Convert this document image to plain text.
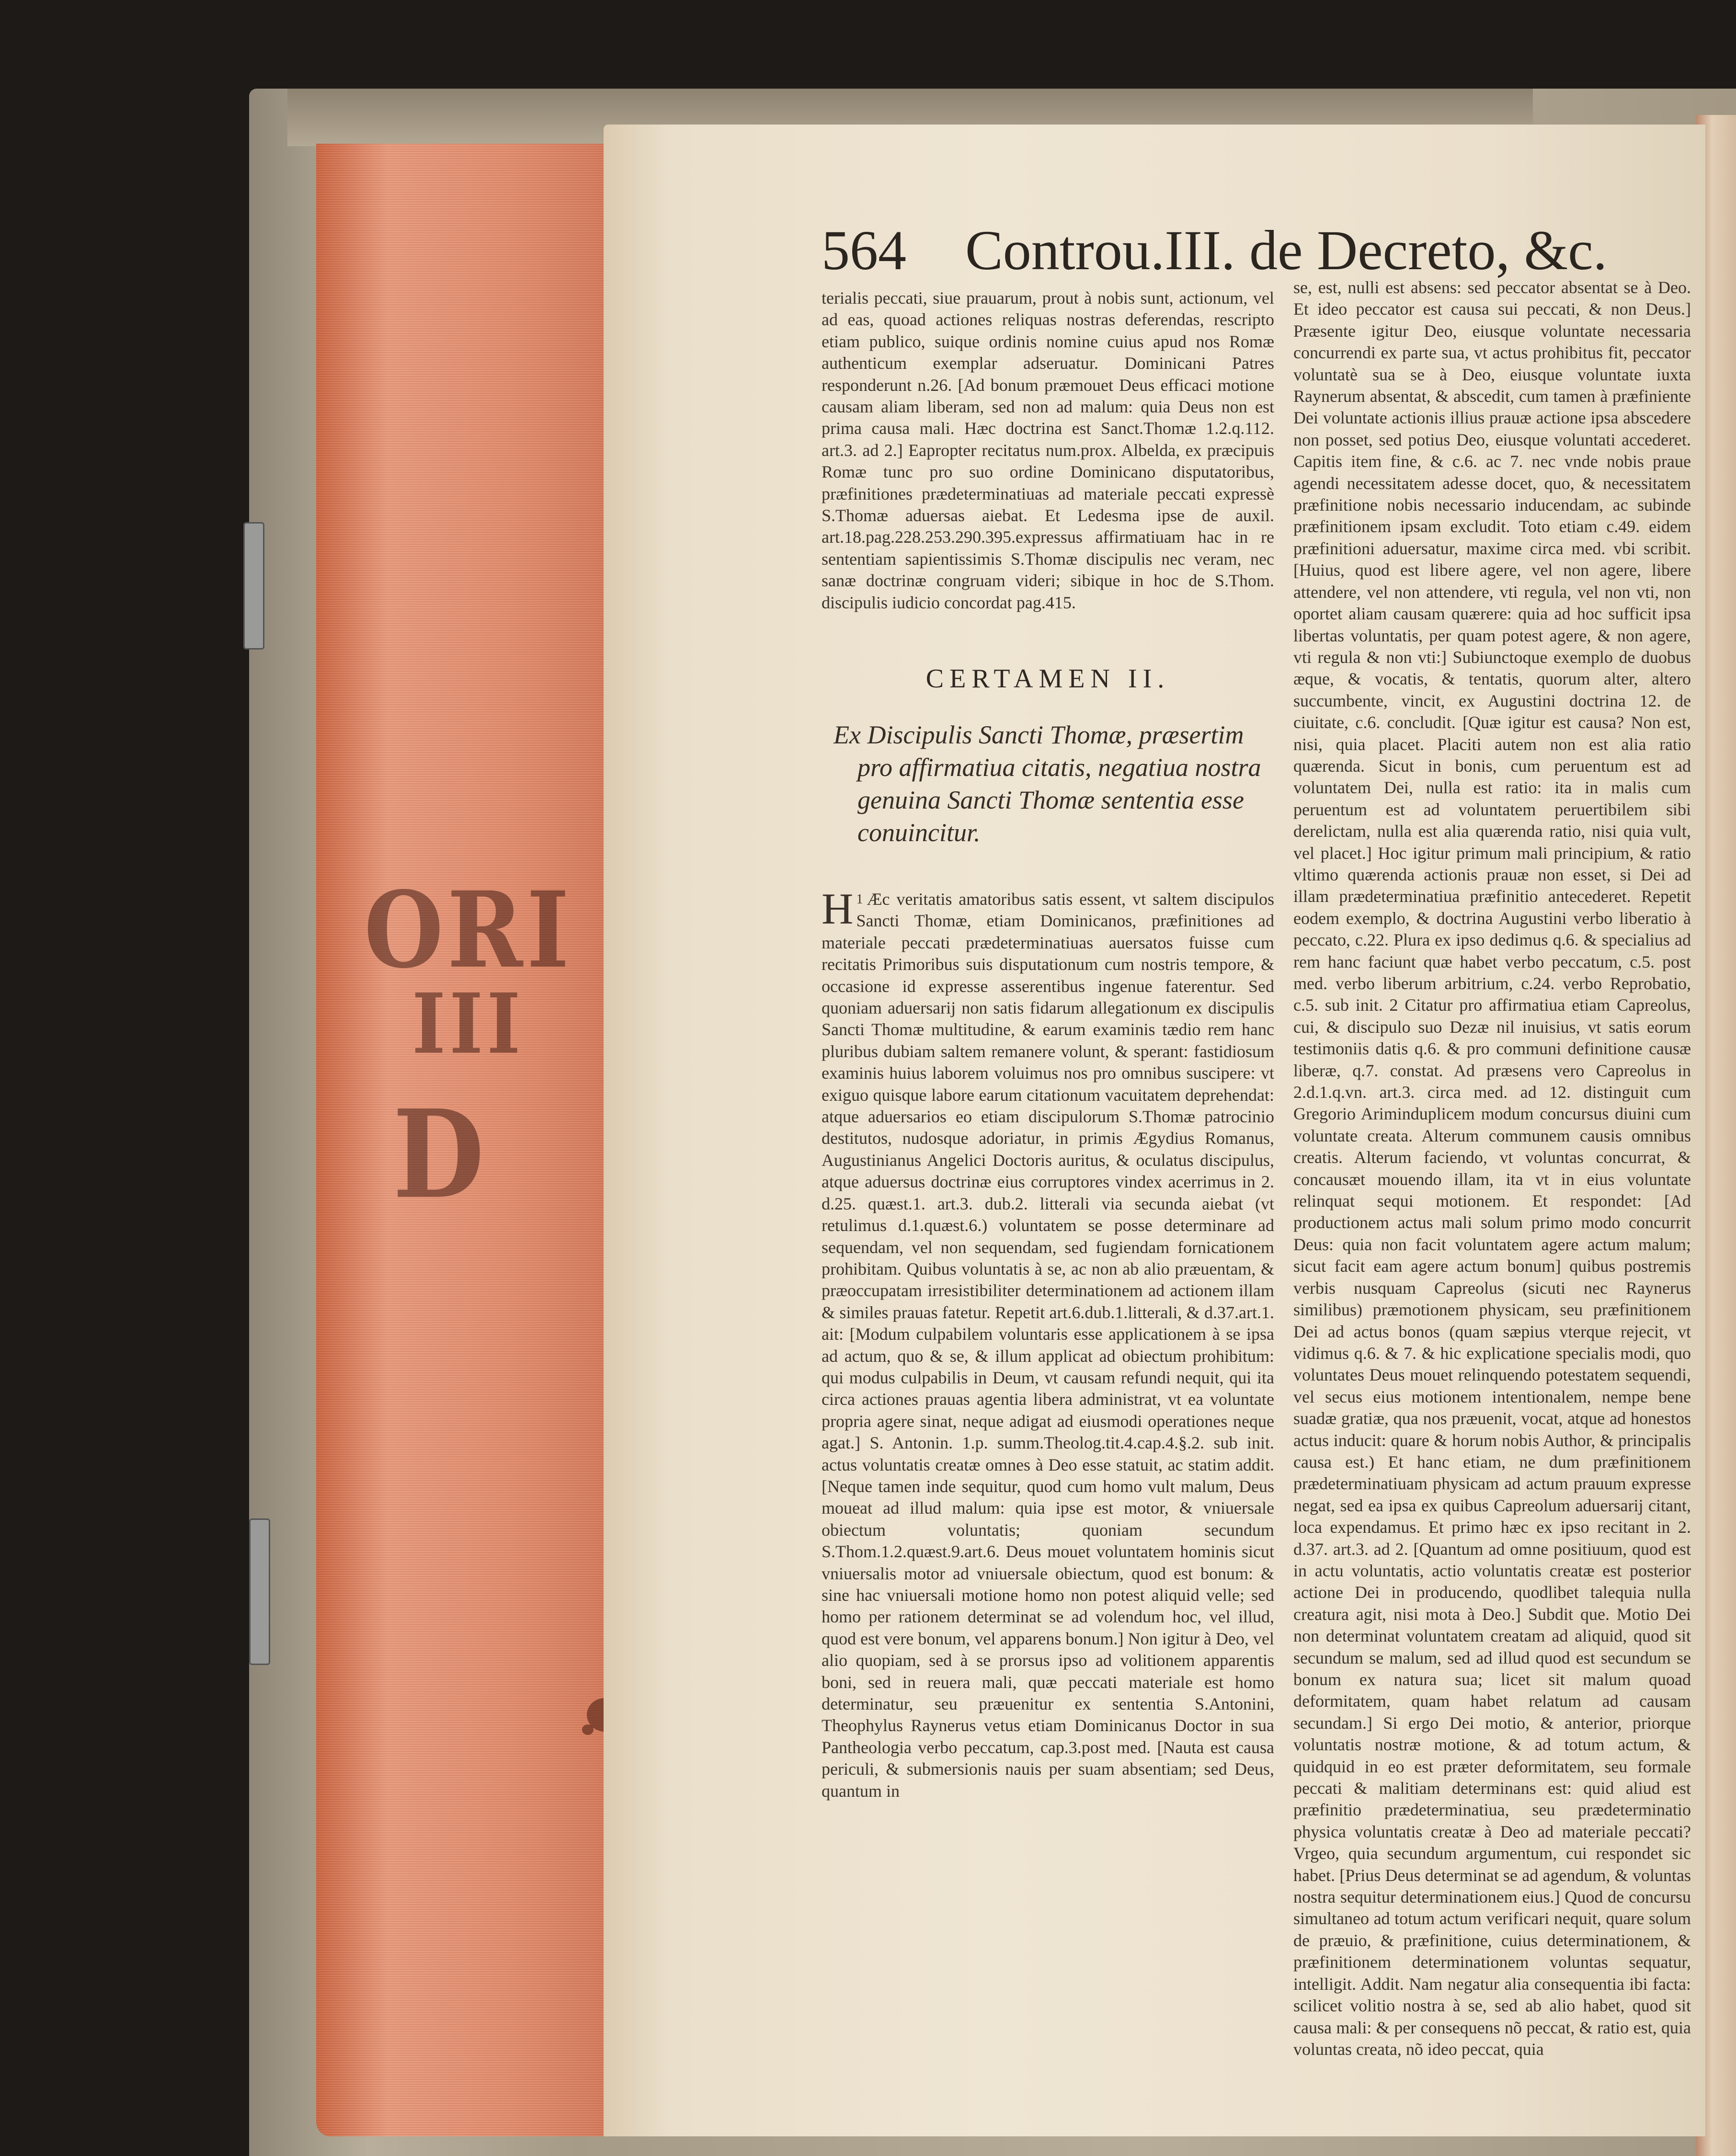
ORI
III
D
564 Controu.III. de Decreto, &c.

terialis peccati, siue prauarum, prout à nobis sunt, actionum, vel ad eas, quoad actiones reliquas nostras deferendas, rescripto etiam publico, suique ordinis nomine cuius apud nos Romæ authenticum exemplar adseruatur. Dominicani Patres responderunt n.26. [Ad bonum præmouet Deus efficaci motione causam aliam liberam, sed non ad malum: quia Deus non est prima causa mali. Hæc doctrina est Sanct.Thomæ 1.2.q.112. art.3. ad 2.] Eapropter recitatus num.prox. Albelda, ex præcipuis Romæ tunc pro suo ordine Dominicano disputatoribus, præfinitiones prædeterminatiuas ad materiale peccati expressè S.Thomæ aduersas aiebat. Et Ledesma ipse de auxil. art.18.pag.228.253.290.395.expressus affirmatiuam hac in re sententiam sapientissimis S.Thomæ discipulis nec veram, nec sanæ doctrinæ congruam videri; sibique in hoc de S.Thom. discipulis iudicio concordat pag.415.

CERTAMEN II.
Ex Discipulis Sancti Thomæ, præsertim
pro affirmatiua citatis, negatiua nostra
genuina Sancti Thomæ sententia esse
conuincitur.

$^1$
H Æc veritatis amatoribus satis essent, vt saltem discipulos Sancti Thomæ, etiam Dominicanos, præfinitiones ad materiale peccati prædeterminatiuas auersatos fuisse cum recitatis Primoribus suis disputationum cum nostris tempore, & occasione id expresse asserentibus ingenue faterentur. Sed quoniam aduersarij non satis fidarum allegationum ex discipulis Sancti Thomæ multitudine, & earum examinis tædio rem hanc pluribus dubiam saltem remanere volunt, & sperant: fastidiosum examinis huius laborem voluimus nos pro omnibus suscipere: vt exiguo quisque labore earum citationum vacuitatem deprehendat: atque aduersarios eo etiam discipulorum S.Thomæ patrocinio destitutos, nudosque adoriatur, in primis Ægydius Romanus, Augustinianus Angelici Doctoris auritus, & oculatus discipulus, atque aduersus doctrinæ eius corruptores vindex acerrimus in 2. d.25. quæst.1. art.3. dub.2. litterali via secunda aiebat (vt retulimus d.1.quæst.6.) voluntatem se posse determinare ad sequendam, vel non sequendam, sed fugiendam fornicationem prohibitam. Quibus voluntatis à se, ac non ab alio præuentam, & præoccupatam irresistibiliter determinationem ad actionem illam & similes prauas fatetur. Repetit art.6.dub.1.litterali, & d.37.art.1. ait: [Modum culpabilem voluntaris esse applicationem à se ipsa ad actum, quo & se, & illum applicat ad obiectum prohibitum: qui modus culpabilis in Deum, vt causam refundi nequit, qui ita circa actiones prauas agentia libera administrat, vt ea voluntate propria agere sinat, neque adigat ad eiusmodi operationes neque agat.] S. Antonin. 1.p. summ.Theolog.tit.4.cap.4.§.2. sub init. actus voluntatis creatæ omnes à Deo esse statuit, ac statim addit. [Neque tamen inde sequitur, quod cum homo vult malum, Deus moueat ad illud malum: quia ipse est motor, & vniuersale obiectum voluntatis; quoniam secundum S.Thom.1.2.quæst.9.art.6. Deus mouet voluntatem hominis sicut vniuersalis motor ad vniuersale obiectum, quod est bonum: & sine hac vniuersali motione homo non potest aliquid velle; sed homo per rationem determinat se ad volendum hoc, vel illud, quod est vere bonum, vel apparens bonum.] Non igitur à Deo, vel alio quopiam, sed à se prorsus ipso ad volitionem apparentis boni, sed in reuera mali, quæ peccati materiale est homo determinatur, seu præuenitur ex sententia S.Antonini, Theophylus Raynerus vetus etiam Dominicanus Doctor in sua Pantheologia verbo peccatum, cap.3.post med. [Nauta est causa periculi, & submersionis nauis per suam absentiam; sed Deus, quantum in

se, est, nulli est absens: sed peccator absentat se à Deo. Et ideo peccator est causa sui peccati, & non Deus.] Præsente igitur Deo, eiusque voluntate necessaria concurrendi ex parte sua, vt actus prohibitus fit, peccator voluntatè sua se à Deo, eiusque voluntate iuxta Raynerum absentat, & abscedit, cum tamen à præfiniente Dei voluntate actionis illius prauæ actione ipsa abscedere non posset, sed potius Deo, eiusque voluntati accederet. Capitis item fine, & c.6. ac 7. nec vnde nobis praue agendi necessitatem adesse docet, quo, & necessitatem præfinitione nobis necessario inducendam, ac subinde præfinitionem ipsam excludit. Toto etiam c.49. eidem præfinitioni aduersatur, maxime circa med. vbi scribit. [Huius, quod est libere agere, vel non agere, libere attendere, vel non attendere, vti regula, vel non vti, non oportet aliam causam quærere: quia ad hoc sufficit ipsa libertas voluntatis, per quam potest agere, & non agere, vti regula & non vti:] Subiunctoque exemplo de duobus æque, & vocatis, & tentatis, quorum alter, altero succumbente, vincit, ex Augustini doctrina 12. de ciuitate, c.6. concludit. [Quæ igitur est causa? Non est, nisi, quia placet. Placiti autem non est alia ratio quærenda. Sicut in bonis, cum peruentum est ad voluntatem Dei, nulla est ratio: ita in malis cum peruentum est ad voluntatem peruertibilem sibi derelictam, nulla est alia quærenda ratio, nisi quia vult, vel placet.] Hoc igitur primum mali principium, & ratio vltimo quærenda actionis prauæ non esset, si Dei ad illam prædeterminatiua præfinitio antecederet. Repetit eodem exemplo, & doctrina Augustini verbo liberatio à peccato, c.22. Plura ex ipso dedimus q.6. & specialius ad rem hanc faciunt quæ habet verbo peccatum, c.5. post med. verbo liberum arbitrium, c.24. verbo Reprobatio, c.5. sub init. 2 Citatur pro affirmatiua etiam Capreolus, cui, & discipulo suo Dezæ nil inuisius, vt satis eorum testimoniis datis q.6. & pro communi definitione causæ liberæ, q.7. constat. Ad præsens vero Capreolus in 2.d.1.q.vn. art.3. circa med. ad 12. distinguit cum Gregorio Ariminduplicem modum concursus diuini cum voluntate creata. Alterum communem causis omnibus creatis. Alterum faciendo, vt voluntas concurrat, & concausæt mouendo illam, ita vt in eius voluntate relinquat sequi motionem. Et respondet: [Ad productionem actus mali solum primo modo concurrit Deus: quia non facit voluntatem agere actum malum; sicut facit eam agere actum bonum] quibus postremis verbis nusquam Capreolus (sicuti nec Raynerus similibus) præmotionem physicam, seu præfinitionem Dei ad actus bonos (quam sæpius vterque rejecit, vt vidimus q.6. & 7. & hic explicatione specialis modi, quo voluntates Deus mouet relinquendo potestatem sequendi, vel secus eius motionem intentionalem, nempe bene suadæ gratiæ, qua nos præuenit, vocat, atque ad honestos actus inducit: quare & horum nobis Author, & principalis causa est.) Et hanc etiam, ne dum præfinitionem prædeterminatiuam physicam ad actum prauum expresse negat, sed ea ipsa ex quibus Capreolum aduersarij citant, loca expendamus. Et primo hæc ex ipso recitant in 2. d.37. art.3. ad 2. [Quantum ad omne positiuum, quod est in actu voluntatis, actio voluntatis creatæ est posterior actione Dei in producendo, quodlibet talequia nulla creatura agit, nisi mota à Deo.] Subdit que. Motio Dei non determinat voluntatem creatam ad aliquid, quod sit secundum se malum, sed ad illud quod est secundum se bonum ex natura sua; licet sit malum quoad deformitatem, quam habet relatum ad causam secundam.] Si ergo Dei motio, & anterior, priorque voluntatis nostræ motione, & ad totum actum, & quidquid in eo est præter deformitatem, seu formale peccati & malitiam determinans est: quid aliud est præfinitio prædeterminatiua, seu prædeterminatio physica voluntatis creatæ à Deo ad materiale peccati? Vrgeo, quia secundum argumentum, cui respondet sic habet. [Prius Deus determinat se ad agendum, & voluntas nostra sequitur determinationem eius.] Quod de concursu simultaneo ad totum actum verificari nequit, quare solum de præuio, & præfinitione, cuius determinationem, & præfinitionem determinationem voluntas sequatur, intelligit. Addit. Nam negatur alia consequentia ibi facta: scilicet volitio nostra à se, sed ab alio habet, quod sit causa mali: & per consequens nõ peccat, & ratio est, quia voluntas creata, nõ ideo peccat, quia
